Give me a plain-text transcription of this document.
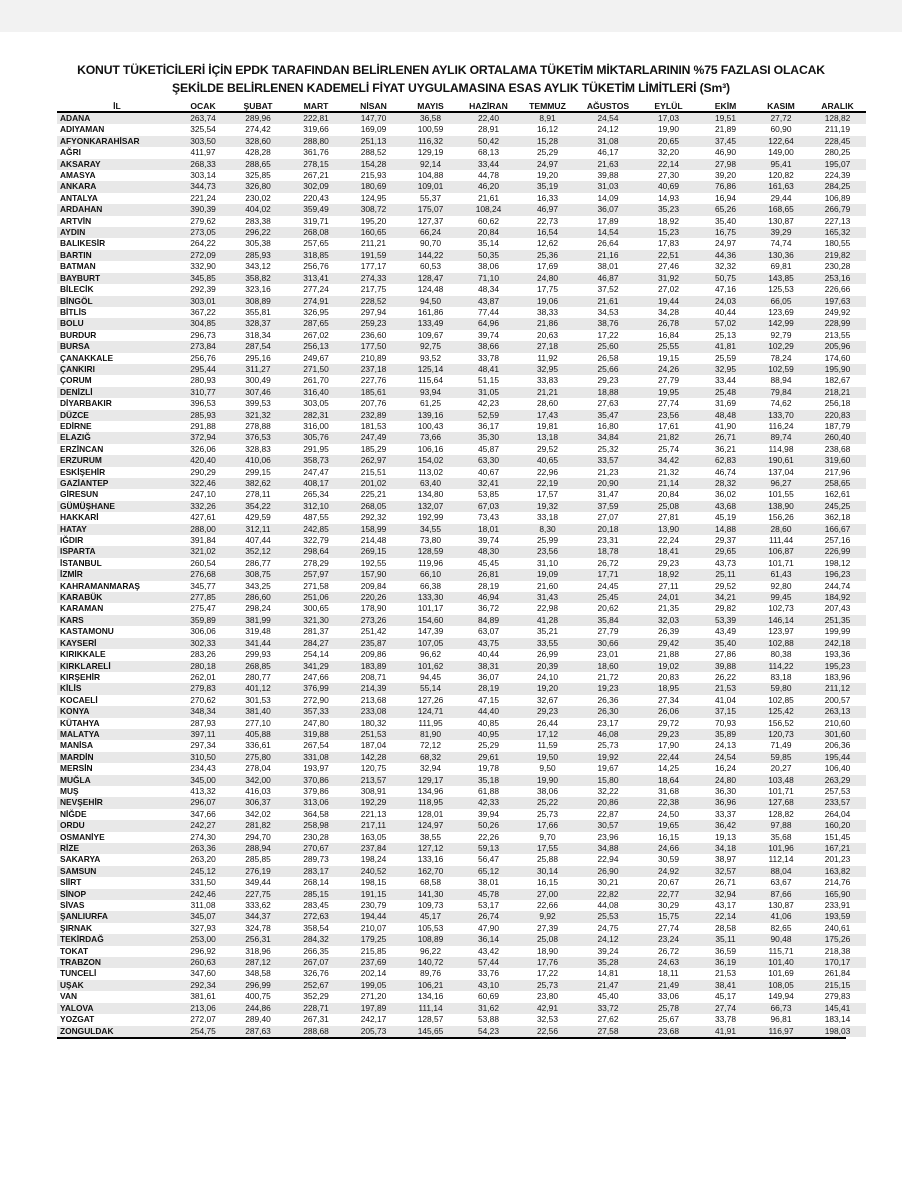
KONUT TÜKETİCİLERİ İÇİN EPDK TARAFINDAN BELİRLENEN AYLIK ORTALAMA TÜKETİM MİKTARLARININ %75 FAZLASI OLACAK
ŞEKİLDE BELİRLENEN KADEMELİ FİYAT UYGULAMASINA ESAS AYLIK TÜKETİM LİMİTLERİ (Sm³)
İL	OCAK	ŞUBAT	MART	NİSAN	MAYIS	HAZİRAN	TEMMUZ	AĞUSTOS	EYLÜL	EKİM	KASIM	ARALIK
ADANA	263,74	289,96	222,81	147,70	36,58	22,40	8,91	24,54	17,03	19,51	27,72	128,82
ADIYAMAN	325,54	274,42	319,66	169,09	100,59	28,91	16,12	24,12	19,90	21,89	60,90	211,19
AFYONKARAHİSAR	303,50	328,60	288,80	251,13	116,32	50,42	15,28	31,08	20,65	37,45	122,64	228,45
AĞRI	411,97	428,28	361,76	288,52	129,19	68,13	25,29	46,17	32,20	46,90	149,00	280,25
AKSARAY	268,33	288,65	278,15	154,28	92,14	33,44	24,97	21,63	22,14	27,98	95,41	195,07
AMASYA	303,14	325,85	267,21	215,93	104,88	44,78	19,20	39,88	27,30	39,20	120,82	224,39
ANKARA	344,73	326,80	302,09	180,69	109,01	46,20	35,19	31,03	40,69	76,86	161,63	284,25
ANTALYA	221,24	230,02	220,43	124,95	55,37	21,61	16,33	14,09	14,93	16,94	29,44	106,89
ARDAHAN	390,39	404,02	359,49	308,72	175,07	108,24	46,97	36,07	35,23	65,26	168,65	266,79
ARTVİN	279,62	283,38	319,71	195,20	127,37	60,62	22,73	17,89	18,92	35,40	130,87	227,13
AYDIN	273,05	296,22	268,08	160,65	66,24	20,84	16,54	14,54	15,23	16,75	39,29	165,32
BALIKESİR	264,22	305,38	257,65	211,21	90,70	35,14	12,62	26,64	17,83	24,97	74,74	180,55
BARTIN	272,09	285,93	318,85	191,59	144,22	50,35	25,36	21,16	22,51	44,36	130,36	219,82
BATMAN	332,90	343,12	256,76	177,17	60,53	38,06	17,69	38,01	27,46	32,32	69,81	230,28
BAYBURT	345,85	358,82	313,41	274,33	128,47	71,10	24,80	46,87	31,92	50,75	143,85	253,16
BİLECİK	292,39	323,16	277,24	217,75	124,48	48,34	17,75	37,52	27,02	47,16	125,53	226,66
BİNGÖL	303,01	308,89	274,91	228,52	94,50	43,87	19,06	21,61	19,44	24,03	66,05	197,63
BİTLİS	367,22	355,81	326,95	297,94	161,86	77,44	38,33	34,53	34,28	40,44	123,69	249,92
BOLU	304,85	328,37	287,65	259,23	133,49	64,96	21,86	38,76	26,78	57,02	142,99	228,99
BURDUR	296,73	318,34	267,02	236,60	109,67	39,74	20,63	17,22	16,84	25,13	92,79	213,55
BURSA	273,84	287,54	256,13	177,50	92,75	38,66	27,18	25,60	25,55	41,81	102,29	205,96
ÇANAKKALE	256,76	295,16	249,67	210,89	93,52	33,78	11,92	26,58	19,15	25,59	78,24	174,60
ÇANKIRI	295,44	311,27	271,50	237,18	125,14	48,41	32,95	25,66	24,26	32,95	102,59	195,90
ÇORUM	280,93	300,49	261,70	227,76	115,64	51,15	33,83	29,23	27,79	33,44	88,94	182,67
DENİZLİ	310,77	307,46	316,40	185,61	93,94	31,05	21,21	18,88	19,95	25,48	79,84	218,21
DİYARBAKIR	396,53	399,53	303,05	207,76	61,25	42,23	28,60	27,63	27,74	31,69	74,62	256,18
DÜZCE	285,93	321,32	282,31	232,89	139,16	52,59	17,43	35,47	23,56	48,48	133,70	220,83
EDİRNE	291,88	278,88	316,00	181,53	100,43	36,17	19,81	16,80	17,61	41,90	116,24	187,79
ELAZIĞ	372,94	376,53	305,76	247,49	73,66	35,30	13,18	34,84	21,82	26,71	89,74	260,40
ERZİNCAN	326,06	328,83	291,95	185,29	106,16	45,87	29,52	25,32	25,74	36,21	114,98	238,68
ERZURUM	420,40	410,06	358,73	262,97	154,02	63,30	40,65	33,57	34,42	62,83	190,61	319,60
ESKİŞEHİR	290,29	299,15	247,47	215,51	113,02	40,67	22,96	21,23	21,32	46,74	137,04	217,96
GAZİANTEP	322,46	382,62	408,17	201,02	63,40	32,41	22,19	20,90	21,14	28,32	96,27	258,65
GİRESUN	247,10	278,11	265,34	225,21	134,80	53,85	17,57	31,47	20,84	36,02	101,55	162,61
GÜMÜŞHANE	332,26	354,22	312,10	268,05	132,07	67,03	19,32	37,59	25,08	43,68	138,90	245,25
HAKKARİ	427,61	429,59	487,55	292,32	192,99	73,43	33,18	27,07	27,81	45,19	156,26	362,18
HATAY	288,00	312,11	242,85	158,99	34,55	18,01	8,30	20,18	13,90	14,88	28,60	166,67
IĞDIR	391,84	407,44	322,79	214,48	73,80	39,74	25,99	23,31	22,24	29,37	111,44	257,16
ISPARTA	321,02	352,12	298,64	269,15	128,59	48,30	23,56	18,78	18,41	29,65	106,87	226,99
İSTANBUL	260,54	286,77	278,29	192,55	119,96	45,45	31,10	26,72	29,23	43,73	101,71	198,12
İZMİR	276,68	308,75	257,97	157,90	66,10	26,81	19,09	17,71	18,92	25,11	61,43	196,23
KAHRAMANMARAŞ	345,77	343,25	271,58	209,84	66,38	28,19	21,60	24,45	27,11	29,52	92,80	244,74
KARABÜK	277,85	286,60	251,06	220,26	133,30	46,94	31,43	25,45	24,01	34,21	99,45	184,92
KARAMAN	275,47	298,24	300,65	178,90	101,17	36,72	22,98	20,62	21,35	29,82	102,73	207,43
KARS	359,89	381,99	321,30	273,26	154,60	84,89	41,28	35,84	32,03	53,39	146,14	251,35
KASTAMONU	306,06	319,48	281,37	251,42	147,39	63,07	35,21	27,79	26,39	43,49	123,97	199,99
KAYSERİ	302,33	341,44	284,27	235,87	107,05	43,75	33,55	30,66	29,42	35,40	102,88	242,18
KIRIKKALE	283,26	299,93	254,14	209,86	96,62	40,44	26,99	23,01	21,88	27,86	80,38	193,36
KIRKLARELİ	280,18	268,85	341,29	183,89	101,62	38,31	20,39	18,60	19,02	39,88	114,22	195,23
KIRŞEHİR	262,01	280,77	247,66	208,71	94,45	36,07	24,10	21,72	20,83	26,22	83,18	183,96
KİLİS	279,83	401,12	376,99	214,39	55,14	28,19	19,20	19,23	18,95	21,53	59,80	211,12
KOCAELİ	270,62	301,53	272,90	213,68	127,26	47,15	32,67	26,36	27,34	41,04	102,85	200,57
KONYA	348,34	381,40	357,33	233,08	124,71	44,40	29,23	26,30	26,06	37,15	125,42	263,13
KÜTAHYA	287,93	277,10	247,80	180,32	111,95	40,85	26,44	23,17	29,72	70,93	156,52	210,60
MALATYA	397,11	405,88	319,88	251,53	81,90	40,95	17,12	46,08	29,23	35,89	120,73	301,60
MANİSA	297,34	336,61	267,54	187,04	72,12	25,29	11,59	25,73	17,90	24,13	71,49	206,36
MARDİN	310,50	275,80	331,08	142,28	68,32	29,61	19,50	19,92	22,44	24,54	59,85	195,44
MERSİN	234,43	278,04	193,97	120,75	32,94	19,78	9,50	19,67	14,25	16,24	20,27	106,40
MUĞLA	345,00	342,00	370,86	213,57	129,17	35,18	19,90	15,80	18,64	24,80	103,48	263,29
MUŞ	413,32	416,03	379,86	308,91	134,96	61,88	38,06	32,22	31,68	36,30	101,71	257,53
NEVŞEHİR	296,07	306,37	313,06	192,29	118,95	42,33	25,22	20,86	22,38	36,96	127,68	233,57
NİĞDE	347,66	342,02	364,58	221,13	128,01	39,94	25,73	22,87	24,50	33,37	128,82	264,04
ORDU	242,27	281,82	258,98	217,11	124,97	50,26	17,66	30,57	19,65	36,42	97,88	160,20
OSMANİYE	274,30	294,70	230,28	163,05	38,55	22,26	9,70	23,96	16,15	19,13	35,68	151,45
RİZE	263,36	288,94	270,67	237,84	127,12	59,13	17,55	34,88	24,66	34,18	101,96	167,21
SAKARYA	263,20	285,85	289,73	198,24	133,16	56,47	25,88	22,94	30,59	38,97	112,14	201,23
SAMSUN	245,12	276,19	283,17	240,52	162,70	65,12	30,14	26,90	24,92	32,57	88,04	163,82
SİİRT	331,50	349,44	268,14	198,15	68,58	38,01	16,15	30,21	20,67	26,71	63,67	214,76
SİNOP	242,46	227,75	285,15	191,15	141,30	45,78	27,00	22,82	22,77	32,94	87,66	165,90
SİVAS	311,08	333,62	283,45	230,79	109,73	53,17	22,66	44,08	30,29	43,17	130,87	233,91
ŞANLIURFA	345,07	344,37	272,63	194,44	45,17	26,74	9,92	25,53	15,75	22,14	41,06	193,59
ŞIRNAK	327,93	324,78	358,54	210,07	105,53	47,90	27,39	24,75	27,74	28,58	82,65	240,61
TEKİRDAĞ	253,00	256,31	284,32	179,25	108,89	36,14	25,08	24,12	23,24	35,11	90,48	175,26
TOKAT	296,92	318,96	266,35	215,85	96,22	43,42	18,90	39,24	26,72	36,59	115,71	218,38
TRABZON	260,63	287,12	267,07	237,69	140,72	57,44	17,76	35,28	24,63	36,19	101,40	170,17
TUNCELİ	347,60	348,58	326,76	202,14	89,76	33,76	17,22	14,81	18,11	21,53	101,69	261,84
UŞAK	292,34	296,99	252,67	199,05	106,21	43,10	25,73	21,47	21,49	38,41	108,05	215,15
VAN	381,61	400,75	352,29	271,20	134,16	60,69	23,80	45,40	33,06	45,17	149,94	279,83
YALOVA	213,06	244,86	228,71	197,89	111,14	31,62	42,91	33,72	25,78	27,74	66,73	145,41
YOZGAT	272,07	289,40	267,31	242,17	128,57	53,88	32,53	27,62	25,67	33,78	96,81	183,14
ZONGULDAK	254,75	287,63	288,68	205,73	145,65	54,23	22,56	27,58	23,68	41,91	116,97	198,03
